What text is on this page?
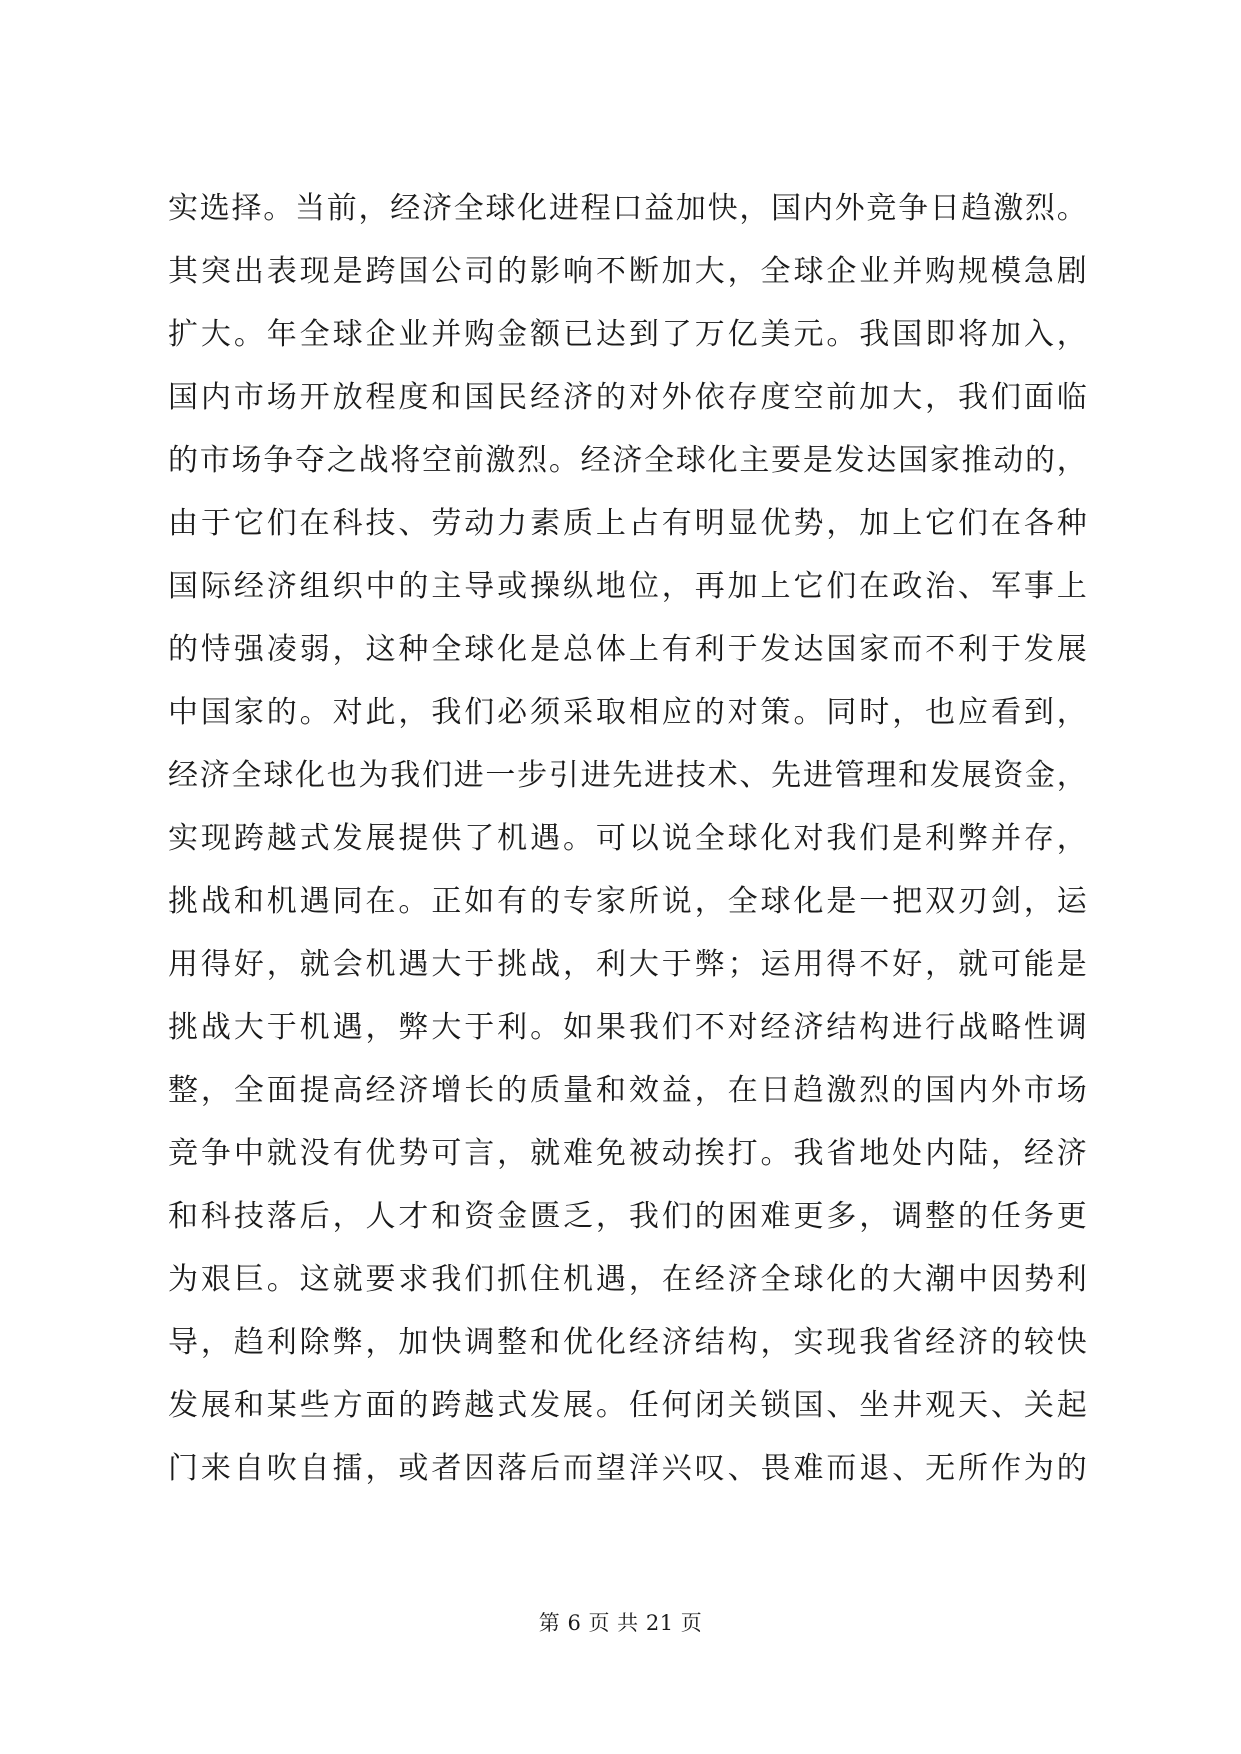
实选择。当前，经济全球化进程口益加快，国内外竞争日趋激烈。
其突出表现是跨国公司的影响不断加大，全球企业并购规模急剧
扩大。年全球企业并购金额已达到了万亿美元。我国即将加入，
国内市场开放程度和国民经济的对外依存度空前加大，我们面临
的市场争夺之战将空前激烈。经济全球化主要是发达国家推动的，
由于它们在科技、劳动力素质上占有明显优势，加上它们在各种
国际经济组织中的主导或操纵地位，再加上它们在政治、军事上
的恃强凌弱，这种全球化是总体上有利于发达国家而不利于发展
中国家的。对此，我们必须采取相应的对策。同时，也应看到，
经济全球化也为我们进一步引进先进技术、先进管理和发展资金，
实现跨越式发展提供了机遇。可以说全球化对我们是利弊并存，
挑战和机遇同在。正如有的专家所说，全球化是一把双刃剑，运
用得好，就会机遇大于挑战，利大于弊；运用得不好，就可能是
挑战大于机遇，弊大于利。如果我们不对经济结构进行战略性调
整，全面提高经济增长的质量和效益，在日趋激烈的国内外市场
竞争中就没有优势可言，就难免被动挨打。我省地处内陆，经济
和科技落后，人才和资金匮乏，我们的困难更多，调整的任务更
为艰巨。这就要求我们抓住机遇，在经济全球化的大潮中因势利
导，趋利除弊，加快调整和优化经济结构，实现我省经济的较快
发展和某些方面的跨越式发展。任何闭关锁国、坐井观天、关起
门来自吹自擂，或者因落后而望洋兴叹、畏难而退、无所作为的
第 6 页 共 21 页
